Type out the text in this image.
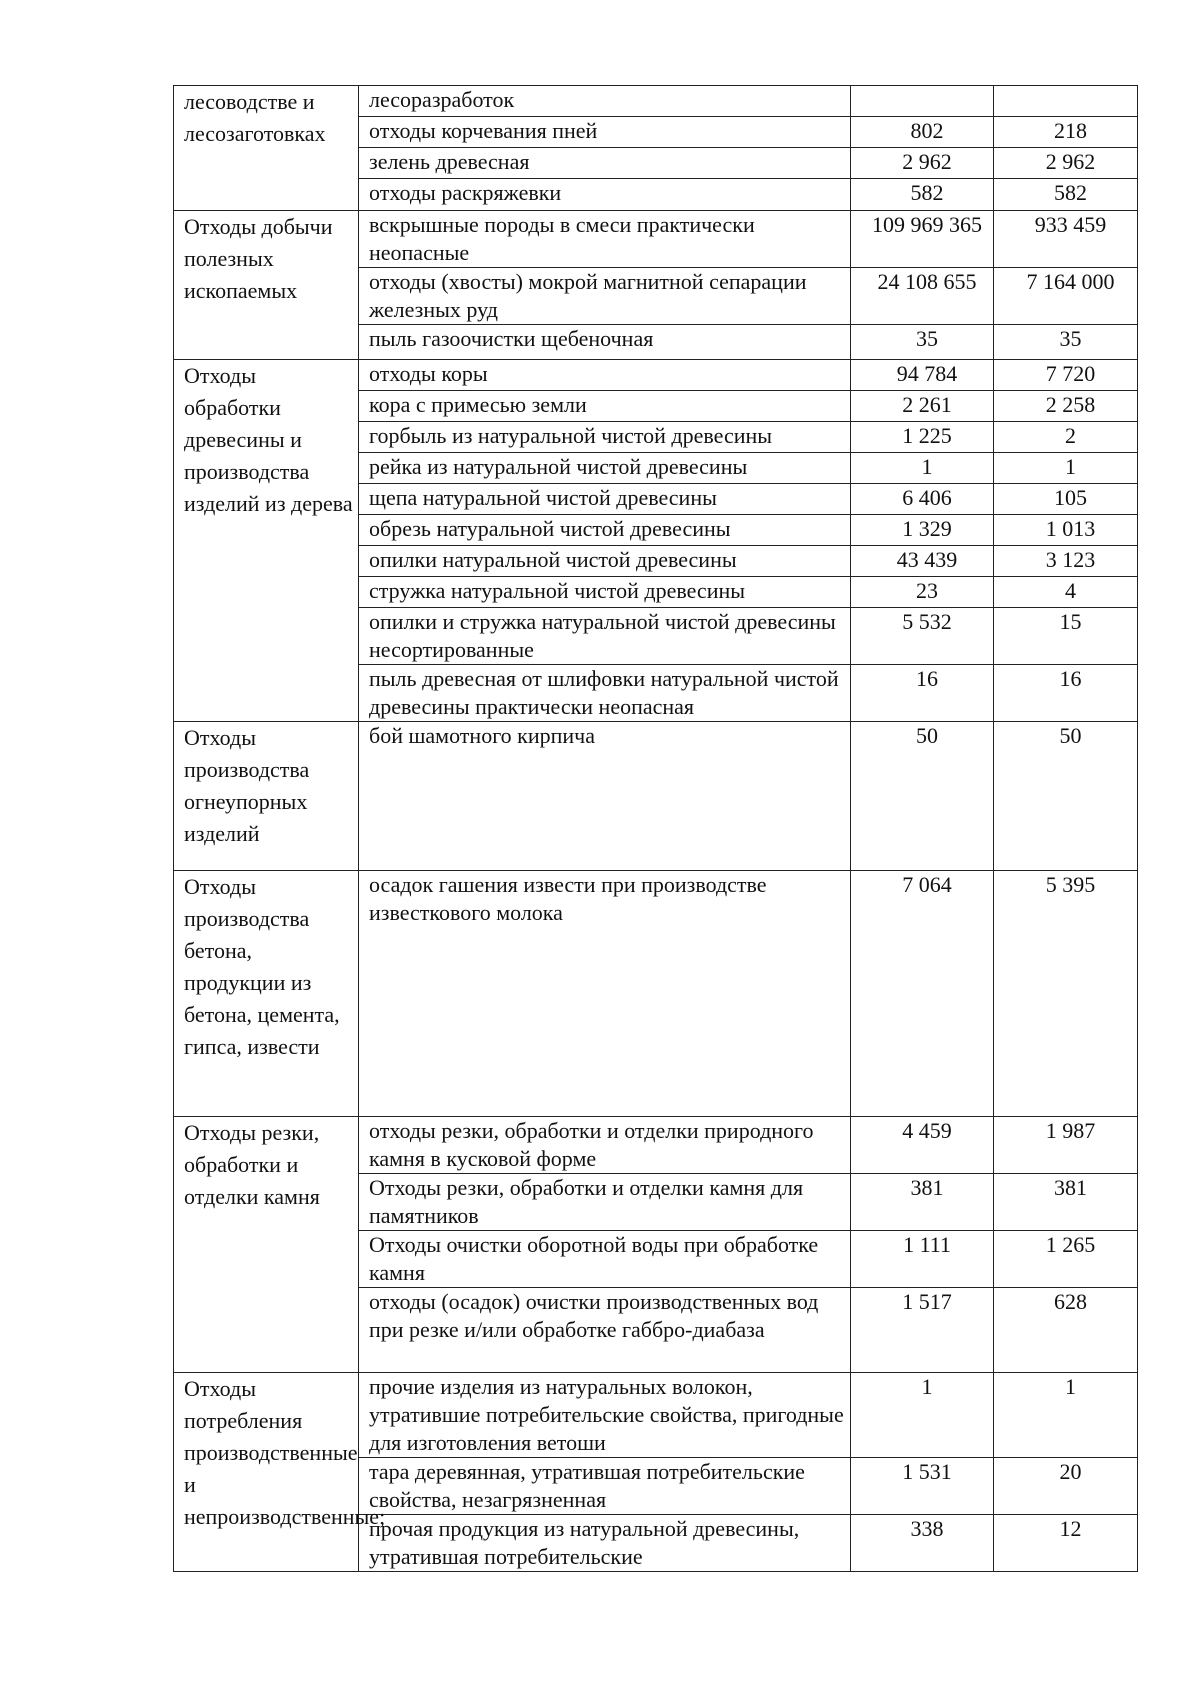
лесоводстве и лесозаготовках	лесоразработок		
	отходы корчевания пней	802	218
	зелень древесная	2 962	2 962
	отходы раскряжевки	582	582
Отходы добычи полезных ископаемых	вскрышные породы в смеси практически неопасные	109 969 365	933 459
	отходы (хвосты) мокрой магнитной сепарации железных руд	24 108 655	7 164 000
	пыль газоочистки щебеночная	35	35
Отходы обработки древесины и производства изделий из дерева	отходы коры	94 784	7 720
	кора с примесью земли	2 261	2 258
	горбыль из натуральной чистой древесины	1 225	2
	рейка из натуральной чистой древесины	1	1
	щепа натуральной чистой древесины	6 406	105
	обрезь натуральной чистой древесины	1 329	1 013
	опилки натуральной чистой древесины	43 439	3 123
	стружка натуральной чистой древесины	23	4
	опилки и стружка натуральной чистой древесины несортированные	5 532	15
	пыль древесная от шлифовки натуральной чистой древесины практически неопасная	16	16
Отходы производства огнеупорных изделий	бой шамотного кирпича	50	50
Отходы производства бетона, продукции из бетона, цемента, гипса, извести	осадок гашения извести при производстве известкового молока	7 064	5 395
Отходы резки, обработки и отделки камня	отходы резки, обработки и отделки природного камня в кусковой форме	4 459	1 987
	Отходы резки, обработки и отделки камня для памятников	381	381
	Отходы очистки оборотной воды при обработке камня	1 111	1 265
	отходы (осадок) очистки производственных вод при резке и/или обработке габбро-диабаза	1 517	628
Отходы потребления производственные и непроизводственные;	прочие изделия из натуральных волокон, утратившие потребительские свойства, пригодные для изготовления ветоши	1	1
	тара деревянная, утратившая потребительские свойства, незагрязненная	1 531	20
	прочая продукция из натуральной древесины, утратившая потребительские	338	12
